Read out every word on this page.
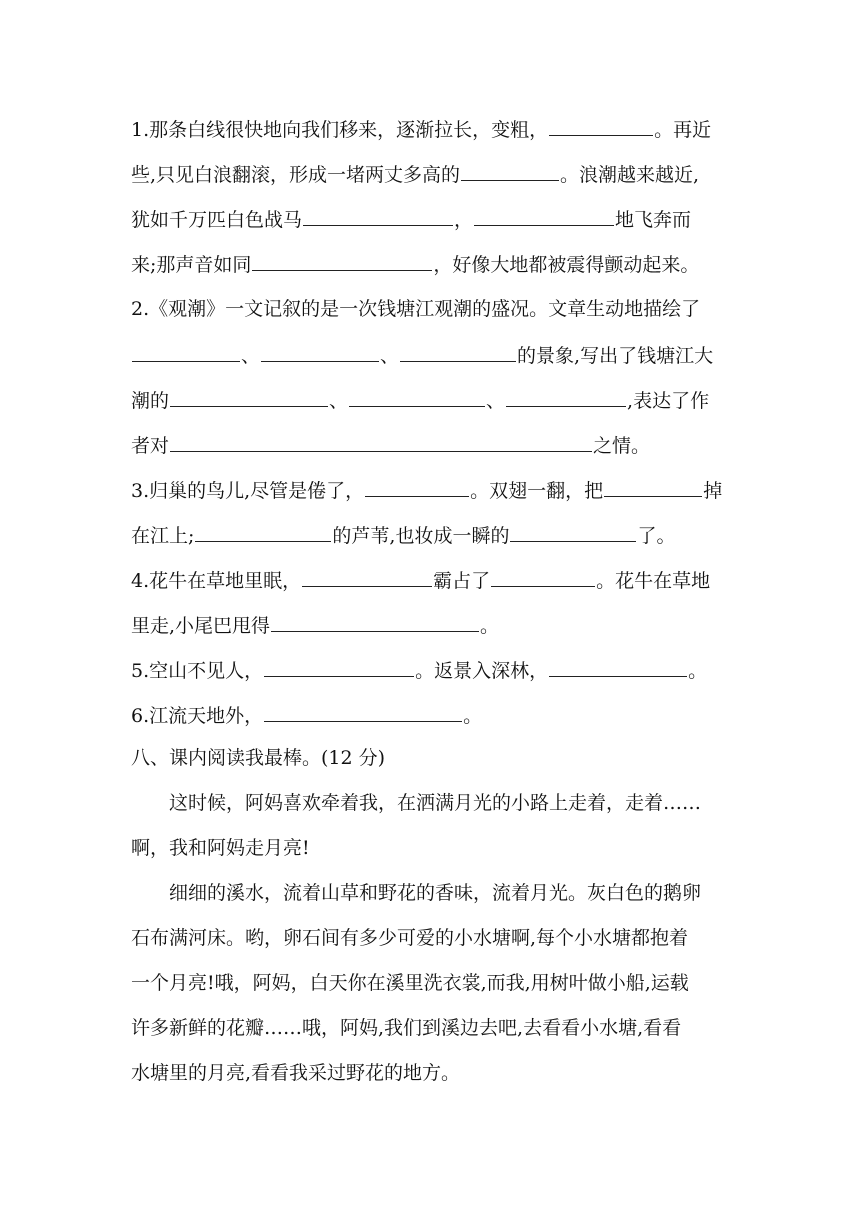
1.那条白线很快地向我们移来，逐渐拉长，变粗，	。再近
些,只见白浪翻滚，形成一堵两丈多高的	。浪潮越来越近,
犹如千万匹白色战马	，	地飞奔而
来;那声音如同	，好像大地都被震得颤动起来。
2.《观潮》一文记叙的是一次钱塘江观潮的盛况。文章生动地描绘了
、	、	的景象,写出了钱塘江大
潮的	、	、	,表达了作
者对	之情。
3.归巢的鸟儿,尽管是倦了，	。双翅一翻，把	掉
在江上;	的芦苇,也妆成一瞬的	了。
4.花牛在草地里眠，	霸占了	。花牛在草地
里走,小尾巴甩得	。
5.空山不见人，	。返景入深林，	。
6.江流天地外，	。
八、课内阅读我最棒。(12 分)
这时候，阿妈喜欢牵着我，在洒满月光的小路上走着，走着……
啊，我和阿妈走月亮!
细细的溪水，流着山草和野花的香味，流着月光。灰白色的鹅卵
石布满河床。哟，卵石间有多少可爱的小水塘啊,每个小水塘都抱着
一个月亮!哦，阿妈，白天你在溪里洗衣裳,而我,用树叶做小船,运载
许多新鲜的花瓣……哦，阿妈,我们到溪边去吧,去看看小水塘,看看
水塘里的月亮,看看我采过野花的地方。
